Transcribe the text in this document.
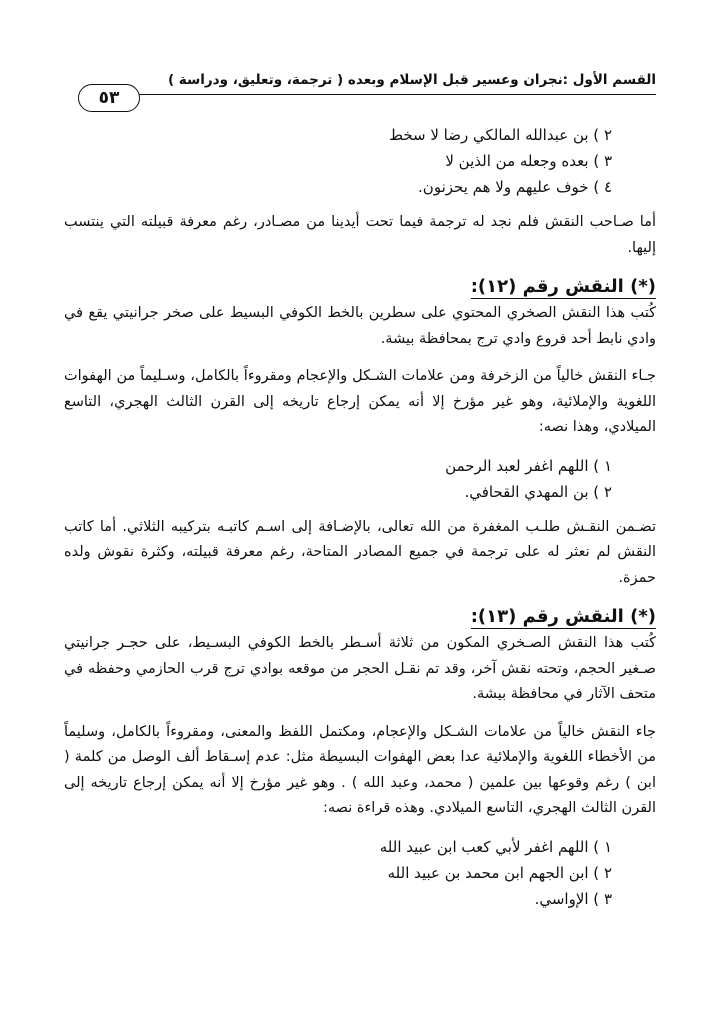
القسم الأول :نجران وعسير قبل الإسلام وبعده ( ترجمة، وتعليق، ودراسة )
٥٣
٢ ) بن عبدالله المالكي رضا لا سخط
٣ ) بعده وجعله من الذين لا
٤ ) خوف عليهم ولا هم يحزنون.

أما صـاحب النقش فلم نجد له ترجمة فيما تحت أيدينا من مصـادر، رغم معرفة قبيلته التي ينتسب إليها.

(*) النقش رقم (١٢):

كُتب هذا النقش الصخري المحتوي على سطرين بالخط الكوفي البسيط على صخر جرانيتي يقع في وادي نابط أحد فروع وادي ترج بمحافظة بيشة.

جـاء النقش خالياً من الزخرفة ومن علامات الشـكل والإعجام ومقروءاً بالكامل، وسـليماً من الهفوات اللغوية والإملائية، وهو غير مؤرخ إلا أنه يمكن إرجاع تاريخه إلى القرن الثالث الهجري، التاسع الميلادي، وهذا نصه:

١ ) اللهم اغفر لعبد الرحمن
٢ ) بن المهدي القحافي.

تضـمن النقـش طلـب المغفرة من الله تعالى، بالإضـافة إلى اسـم كاتبـه بتركيبه الثلاثي. أما كاتب النقش لم نعثر له على ترجمة في جميع المصادر المتاحة، رغم معرفة قبيلته، وكثرة نقوش ولده حمزة.

(*) النقش رقم (١٣):

كُتب هذا النقش الصـخري المكون من ثلاثة أسـطر بالخط الكوفي البسـيط، على حجـر جرانيتي صـغير الحجم، وتحته نقش آخر، وقد تم نقـل الحجر من موقعه بوادي ترج قرب الحازمي وحفظه في متحف الآثار في محافظة بيشة.

جاء النقش خالياً من علامات الشـكل والإعجام، ومكتمل اللفظ والمعنى، ومقروءاً بالكامل، وسليماً من الأخطاء اللغوية والإملائية عدا بعض الهفوات البسيطة مثل: عدم إسـقاط ألف الوصل من كلمة ( ابن ) رغم وقوعها بين علمين ( محمد، وعبد الله ) . وهو غير مؤرخ إلا أنه يمكن إرجاع تاريخه إلى القرن الثالث الهجري، التاسع الميلادي. وهذه قراءة نصه:

١ ) اللهم اغفر لأبي كعب ابن عبيد الله
٢ ) ابن الجهم ابن محمد بن عبيد الله
٣ ) الإواسي.
